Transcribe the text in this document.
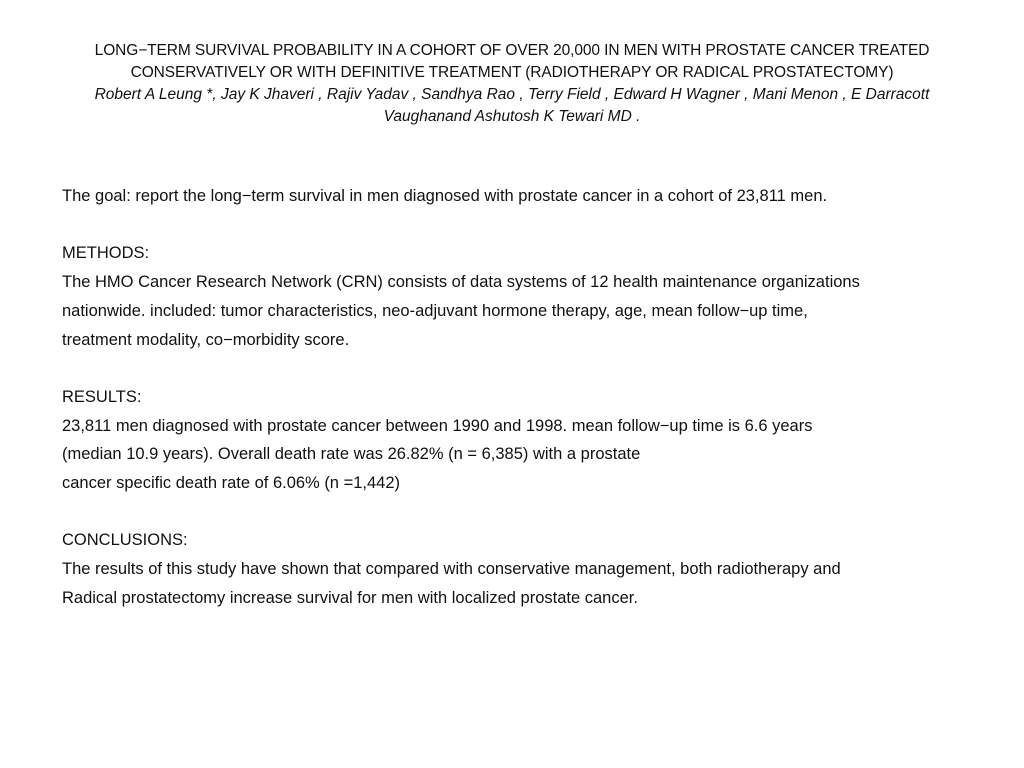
LONG−TERM SURVIVAL PROBABILITY IN A COHORT OF OVER 20,000 IN MEN WITH PROSTATE CANCER TREATED
CONSERVATIVELY OR WITH DEFINITIVE TREATMENT (RADIOTHERAPY OR RADICAL PROSTATECTOMY)
Robert A Leung *, Jay K Jhaveri , Rajiv Yadav , Sandhya Rao , Terry Field , Edward H Wagner , Mani Menon , E Darracott
Vaughanand Ashutosh K Tewari MD .

The goal: report the long−term survival in men diagnosed with prostate cancer in a cohort of 23,811 men.

METHODS:

The HMO Cancer Research Network (CRN) consists of data systems of 12 health maintenance organizations

nationwide. included: tumor characteristics, neo-adjuvant hormone therapy, age, mean follow−up time,

treatment modality, co−morbidity score.

RESULTS:

23,811 men diagnosed with prostate cancer between 1990 and 1998. mean follow−up time is 6.6 years

(median 10.9 years). Overall death rate was 26.82% (n = 6,385) with a prostate

cancer specific death rate of 6.06% (n =1,442)

CONCLUSIONS:

The results of this study have shown that compared with conservative management, both radiotherapy and

Radical prostatectomy increase survival for men with localized prostate cancer.
